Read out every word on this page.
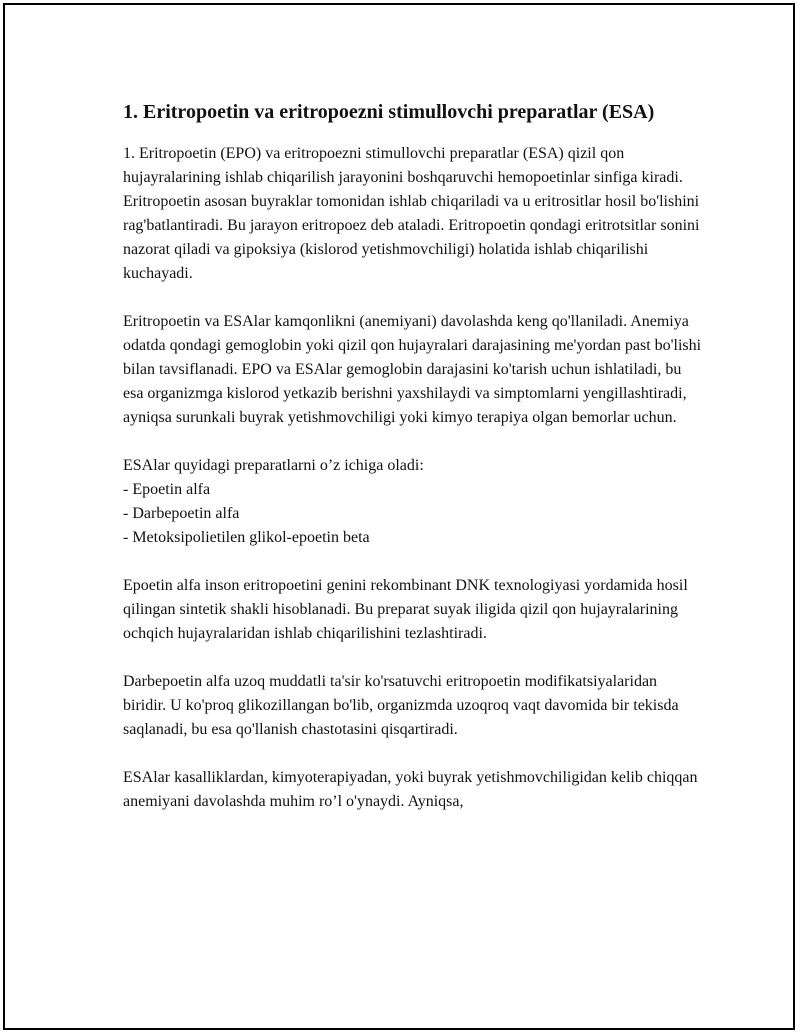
1. Eritropoetin va eritropoezni stimullovchi preparatlar (ESA)

1. Eritropoetin (EPO) va eritropoezni stimullovchi preparatlar (ESA) qizil qon hujayralarining ishlab chiqarilish jarayonini boshqaruvchi hemopoetinlar sinfiga kiradi. Eritropoetin asosan buyraklar tomonidan ishlab chiqariladi va u eritrositlar hosil bo'lishini rag'batlantiradi. Bu jarayon eritropoez deb ataladi. Eritropoetin qondagi eritrotsitlar sonini nazorat qiladi va gipoksiya (kislorod yetishmovchiligi) holatida ishlab chiqarilishi kuchayadi.

Eritropoetin va ESAlar kamqonlikni (anemiyani) davolashda keng qo'llaniladi. Anemiya odatda qondagi gemoglobin yoki qizil qon hujayralari darajasining me'yordan past bo'lishi bilan tavsiflanadi. EPO va ESAlar gemoglobin darajasini ko'tarish uchun ishlatiladi, bu esa organizmga kislorod yetkazib berishni yaxshilaydi va simptomlarni yengillashtiradi, ayniqsa surunkali buyrak yetishmovchiligi yoki kimyo terapiya olgan bemorlar uchun.

ESAlar quyidagi preparatlarni o’z ichiga oladi:

- Epoetin alfa

- Darbepoetin alfa

- Metoksipolietilen glikol-epoetin beta

Epoetin alfa inson eritropoetini genini rekombinant DNK texnologiyasi yordamida hosil qilingan sintetik shakli hisoblanadi. Bu preparat suyak iligida qizil qon hujayralarining ochqich hujayralaridan ishlab chiqarilishini tezlashtiradi.

Darbepoetin alfa uzoq muddatli ta'sir ko'rsatuvchi eritropoetin modifikatsiyalaridan biridir. U ko'proq glikozillangan bo'lib, organizmda uzoqroq vaqt davomida bir tekisda saqlanadi, bu esa qo'llanish chastotasini qisqartiradi.

ESAlar kasalliklardan, kimyoterapiyadan, yoki buyrak yetishmovchiligidan kelib chiqqan anemiyani davolashda muhim ro’l o'ynaydi. Ayniqsa,
